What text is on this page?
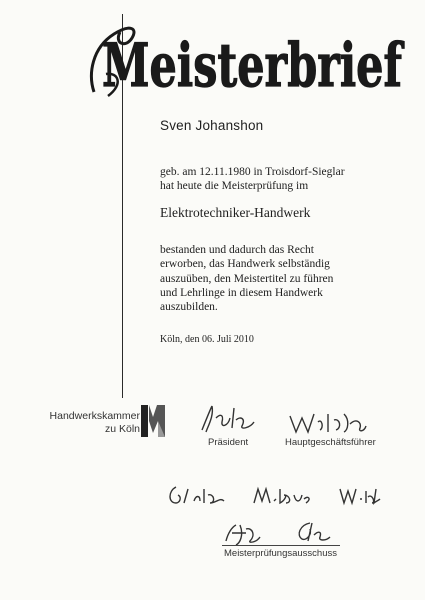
Meisterbrief
Sven Johanshon
geb. am 12.11.1980 in Troisdorf-Sieglar
hat heute die Meisterprüfung im
Elektrotechniker-Handwerk
bestanden und dadurch das Recht
erworben, das Handwerk selbständig
auszuüben, den Meistertitel zu führen
und Lehrlinge in diesem Handwerk
auszubilden.
Köln, den 06. Juli 2010
Handwerkskammer
zu Köln
Präsident	Hauptgeschäftsführer
Meisterprüfungsausschuss
